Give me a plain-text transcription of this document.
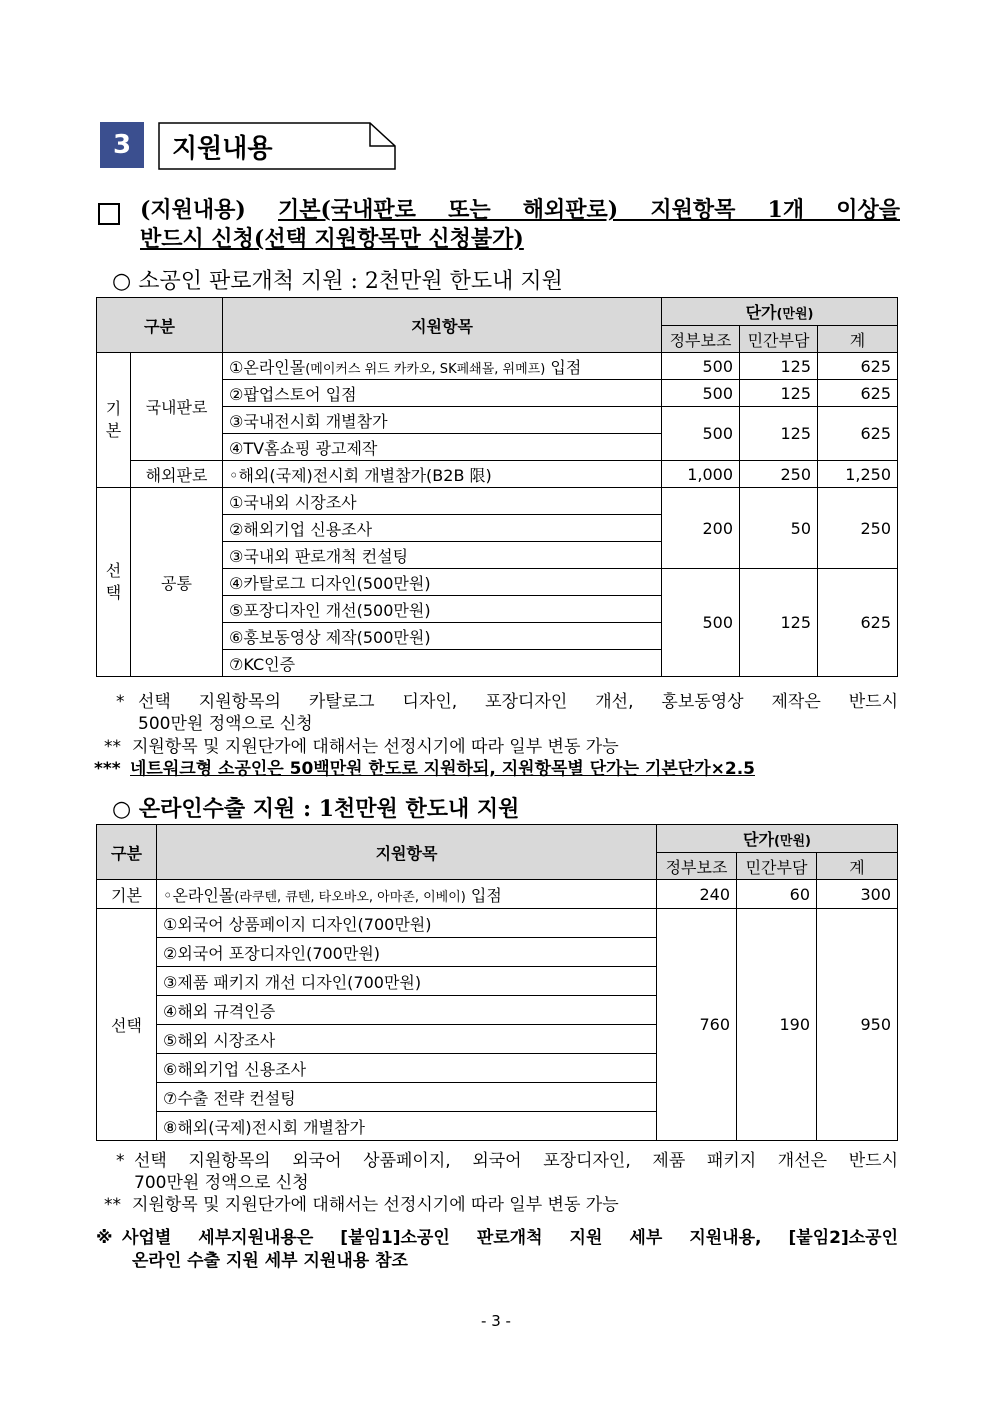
3	지원내용
(지원내용) 기본(국내판로 또는 해외판로) 지원항목 1개 이상을
반드시 신청(선택 지원항목만 신청불가)
○ 소공인 판로개척 지원 : 2천만원 한도내 지원
구분		지원항목	단가(만원)		
			정부보조	민간부담	계
기
본	국내판로	①온라인몰(메이커스 위드 카카오, SK페쇄몰, 위메프) 입점	500	125	625
		②팝업스토어 입점	500	125	625
		③국내전시회 개별참가	500	125	625
		④TV홈쇼핑 광고제작			
	해외판로	◦해외(국제)전시회 개별참가(B2B 限)	1,000	250	1,250
선
택	공통	①국내외 시장조사	200	50	250
		②해외기업 신용조사			
		③국내외 판로개척 컨설팅			
		④카탈로그 디자인(500만원)	500	125	625
		⑤포장디자인 개선(500만원)			
		⑥홍보동영상 제작(500만원)			
		⑦KC인증			
* 선택 지원항목의 카탈로그 디자인, 포장디자인 개선, 홍보동영상 제작은 반드시
500만원 정액으로 신청
** 지원항목 및 지원단가에 대해서는 선정시기에 따라 일부 변동 가능
*** 네트워크형 소공인은 50백만원 한도로 지원하되, 지원항목별 단가는 기본단가×2.5
○ 온라인수출 지원 : 1천만원 한도내 지원
구분	지원항목	단가(만원)		
		정부보조	민간부담	계
기본	◦온라인몰(라쿠텐, 큐텐, 타오바오, 아마존, 이베이) 입점	240	60	300
선택	①외국어 상품페이지 디자인(700만원)	760	190	950
	②외국어 포장디자인(700만원)			
	③제품 패키지 개선 디자인(700만원)			
	④해외 규격인증			
	⑤해외 시장조사			
	⑥해외기업 신용조사			
	⑦수출 전략 컨설팅			
	⑧해외(국제)전시회 개별참가			
* 선택 지원항목의 외국어 상품페이지, 외국어 포장디자인, 제품 패키지 개선은 반드시
700만원 정액으로 신청
** 지원항목 및 지원단가에 대해서는 선정시기에 따라 일부 변동 가능
※ 사업별 세부지원내용은 [붙임1]소공인 판로개척 지원 세부 지원내용, [붙임2]소공인
온라인 수출 지원 세부 지원내용 참조
- 3 -
